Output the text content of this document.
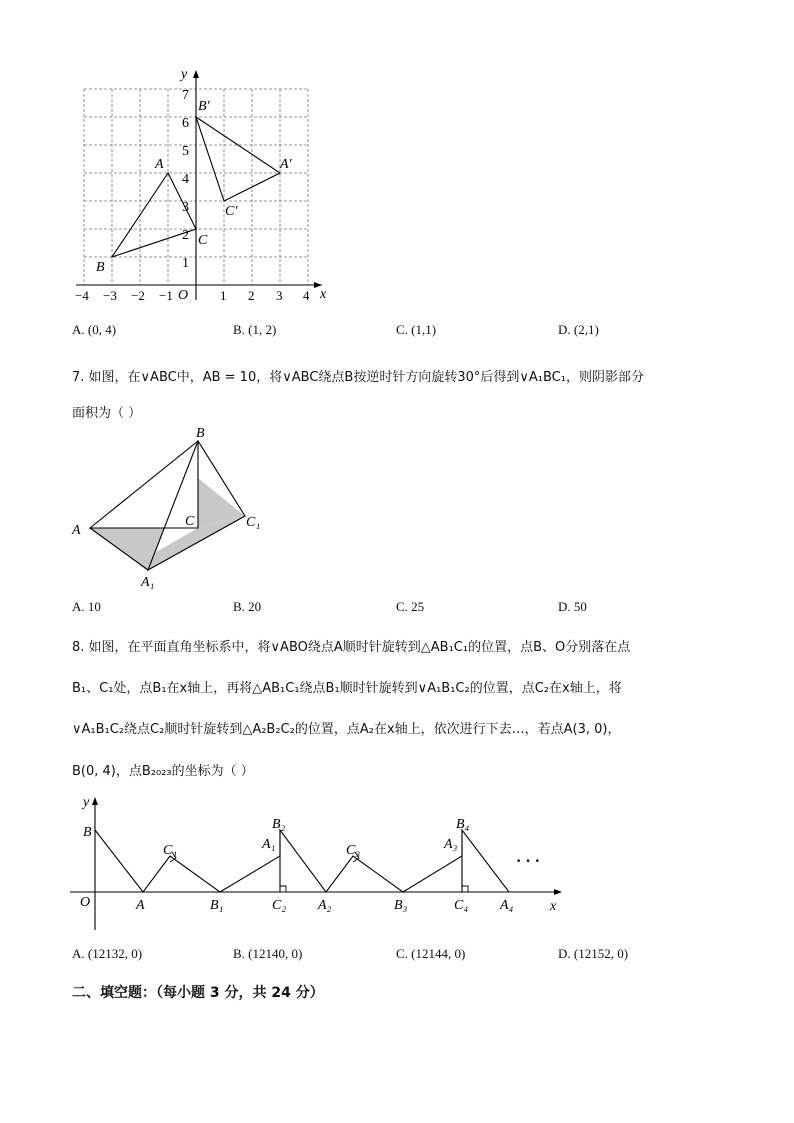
y
x
O
B′
A′
C′
A
B
C
7
6
5
4
3
2
1
−4 −3 −2 −1	1 2 3 4
A. (0, 4)	B. (1, 2)	C. (1,1)	D. (2,1)
7. 如图，在∨ABC中，AB = 10，将∨ABC绕点B按逆时针方向旋转30°后得到∨A₁BC₁，则阴影部分
面积为（ ）
B
A
C	C₁
A₁
A. 10	B. 20	C. 25	D. 50
8. 如图，在平面直角坐标系中，将∨ABO绕点A顺时针旋转到△AB₁C₁的位置，点B、O分别落在点
B₁、C₁处，点B₁在x轴上，再将△AB₁C₁绕点B₁顺时针旋转到∨A₁B₁C₂的位置，点C₂在x轴上，将
∨A₁B₁C₂绕点C₂顺时针旋转到△A₂B₂C₂的位置，点A₂在x轴上，依次进行下去…，若点A(3, 0)，
B(0, 4)，点B₂₀₂₃的坐标为（ ）
y
x
O
B
A
C₁
B₁
B₂
A₁
C₂ A₂
C₃
B₃
B₄
A₃
C₄ A₄
· · ·
A. (12132, 0)	B. (12140, 0)	C. (12144, 0)	D. (12152, 0)
二、填空题：（每小题 3 分，共 24 分）
